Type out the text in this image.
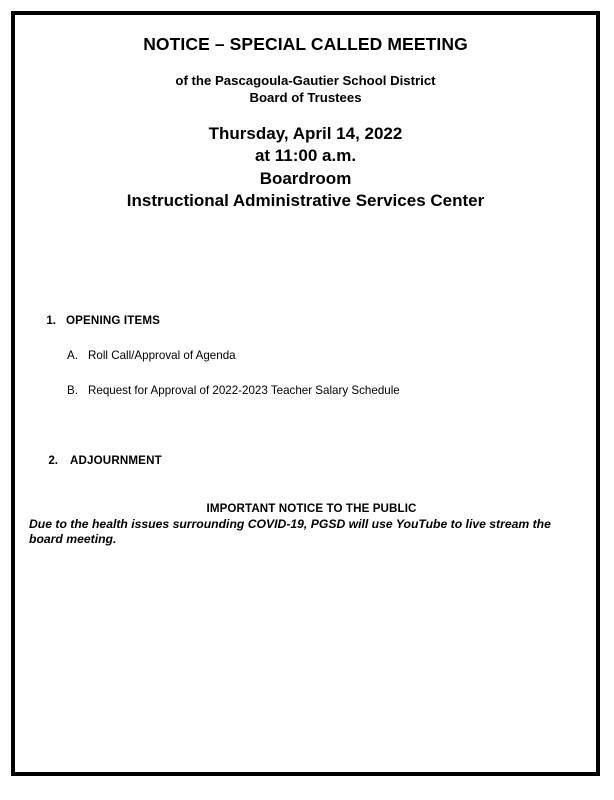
NOTICE – SPECIAL CALLED MEETING
of the Pascagoula-Gautier School District
Board of Trustees
Thursday, April 14, 2022
at 11:00 a.m.
Boardroom
Instructional Administrative Services Center
1. OPENING ITEMS
A. Roll Call/Approval of Agenda
B. Request for Approval of 2022-2023 Teacher Salary Schedule
2. ADJOURNMENT
IMPORTANT NOTICE TO THE PUBLIC
Due to the health issues surrounding COVID-19, PGSD will use YouTube to live stream the board meeting.
